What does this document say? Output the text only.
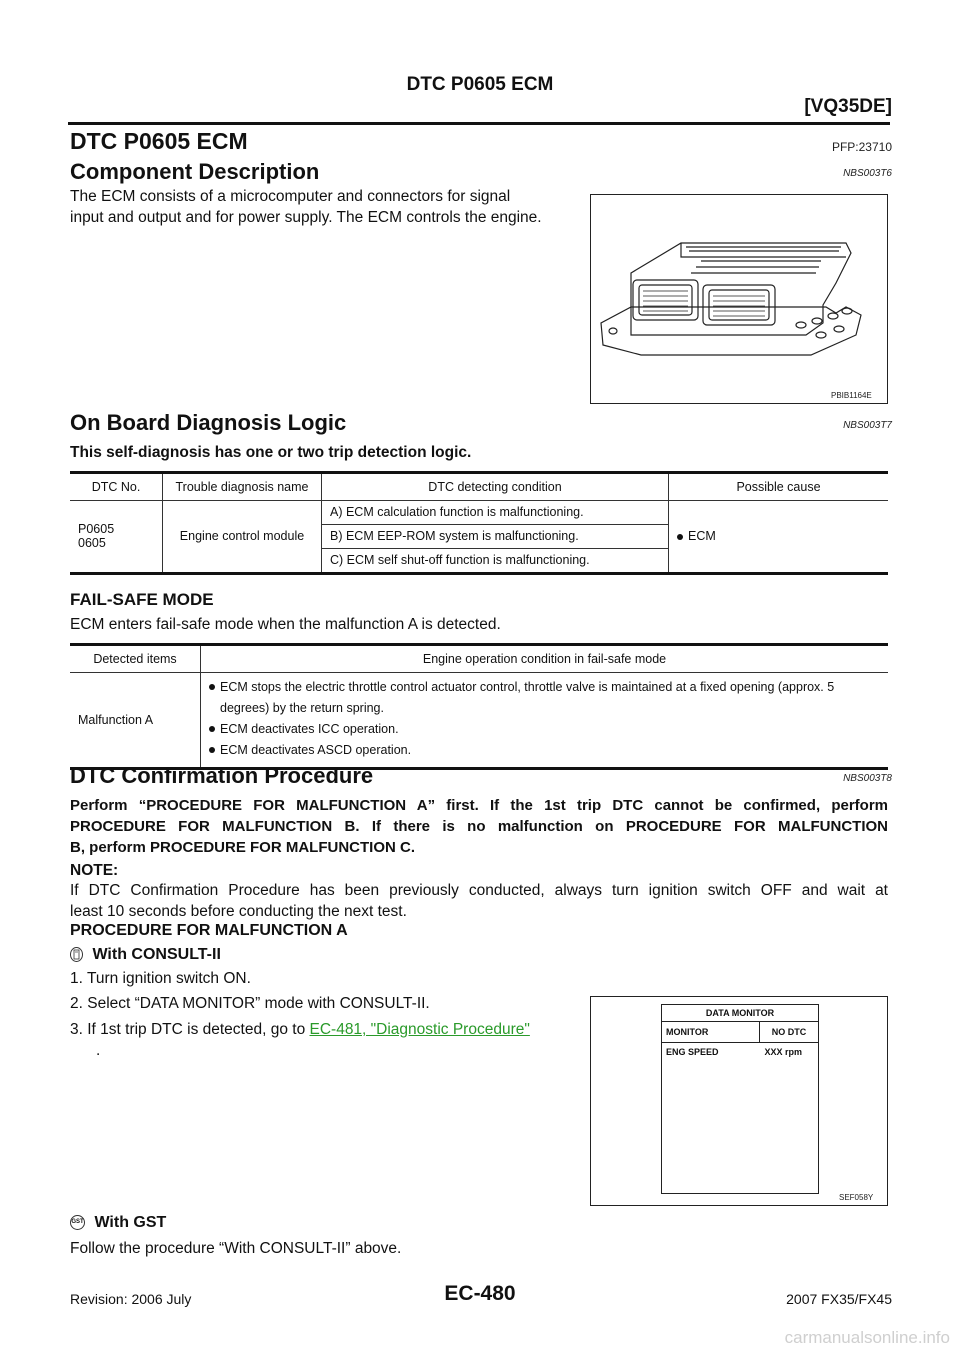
DTC P0605 ECM
[VQ35DE]
DTC P0605 ECM	PFP:23710
Component Description	NBS003T6
The ECM consists of a microcomputer and connectors for signal
input and output and for power supply. The ECM controls the engine.
PBIB1164E
On Board Diagnosis Logic	NBS003T7
This self-diagnosis has one or two trip detection logic.
DTC No.	Trouble diagnosis name	DTC detecting condition	Possible cause

P0605
0605	Engine control module	A) ECM calculation function is malfunctioning.	ECM
		B) ECM EEP-ROM system is malfunctioning.	
		C) ECM self shut-off function is malfunctioning.	
FAIL-SAFE MODE
ECM enters fail-safe mode when the malfunction A is detected.
Detected items	Engine operation condition in fail-safe mode
Malfunction A	ECM stops the electric throttle control actuator control, throttle valve is maintained at a fixed opening (approx. 5
degrees) by the return spring.
ECM deactivates ICC operation.
ECM deactivates ASCD operation.
DTC Confirmation Procedure	NBS003T8
Perform “PROCEDURE FOR MALFUNCTION A” first. If the 1st trip DTC cannot be confirmed, perform
PROCEDURE FOR MALFUNCTION B. If there is no malfunction on PROCEDURE FOR MALFUNCTION
B, perform PROCEDURE FOR MALFUNCTION C.
NOTE:
If DTC Confirmation Procedure has been previously conducted, always turn ignition switch OFF and wait at
least 10 seconds before conducting the next test.
PROCEDURE FOR MALFUNCTION A
With CONSULT-II
1. Turn ignition switch ON.
2. Select “DATA MONITOR” mode with CONSULT-II.
3. If 1st trip DTC is detected, go to EC-481, "Diagnostic Procedure"
.
DATA MONITOR
MONITOR	NO DTC
ENG SPEED	XXX rpm
SEF058Y
GST With GST
Follow the procedure “With CONSULT-II” above.
EC-480
Revision: 2006 July	2007 FX35/FX45
carmanualsonline.info
